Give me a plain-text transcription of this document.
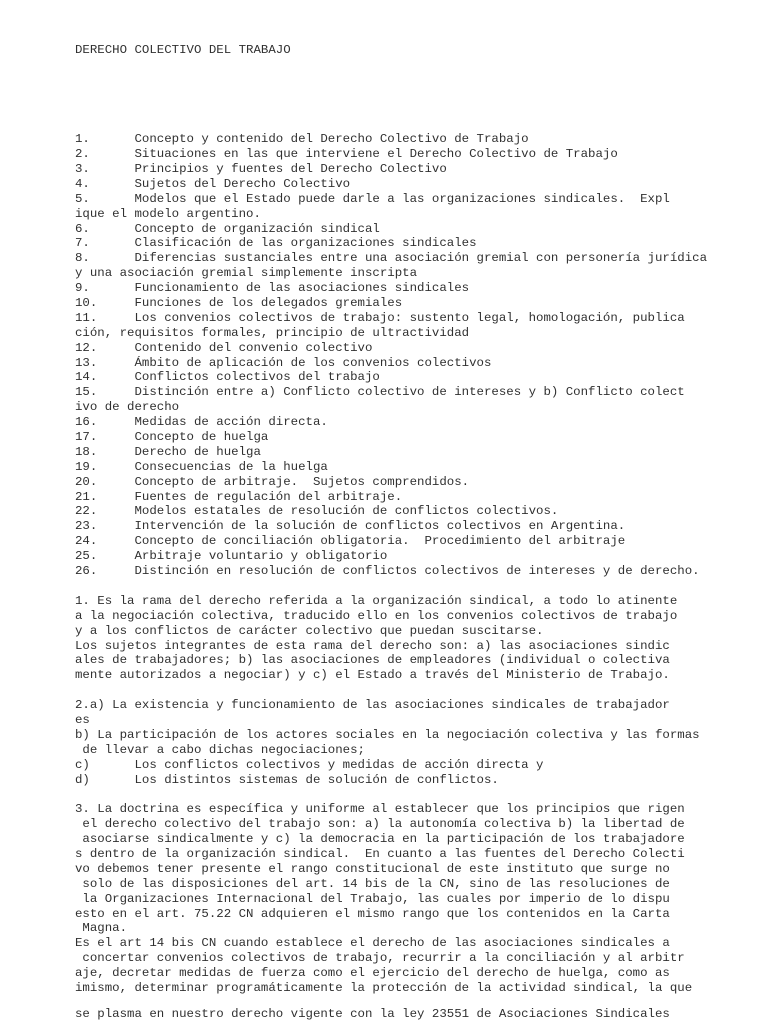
DERECHO COLECTIVO DEL TRABAJO

1.      Concepto y contenido del Derecho Colectivo de Trabajo
2.      Situaciones en las que interviene el Derecho Colectivo de Trabajo
3.      Principios y fuentes del Derecho Colectivo
4.      Sujetos del Derecho Colectivo
5.      Modelos que el Estado puede darle a las organizaciones sindicales.  Expl
ique el modelo argentino.
6.      Concepto de organización sindical
7.      Clasificación de las organizaciones sindicales
8.      Diferencias sustanciales entre una asociación gremial con personería jurídica
y una asociación gremial simplemente inscripta
9.      Funcionamiento de las asociaciones sindicales
10.     Funciones de los delegados gremiales
11.     Los convenios colectivos de trabajo: sustento legal, homologación, publica
ción, requisitos formales, principio de ultractividad
12.     Contenido del convenio colectivo
13.     Ámbito de aplicación de los convenios colectivos
14.     Conflictos colectivos del trabajo
15.     Distinción entre a) Conflicto colectivo de intereses y b) Conflicto colect
ivo de derecho
16.     Medidas de acción directa.
17.     Concepto de huelga
18.     Derecho de huelga
19.     Consecuencias de la huelga
20.     Concepto de arbitraje.  Sujetos comprendidos.
21.     Fuentes de regulación del arbitraje.
22.     Modelos estatales de resolución de conflictos colectivos.
23.     Intervención de la solución de conflictos colectivos en Argentina.
24.     Concepto de conciliación obligatoria.  Procedimiento del arbitraje
25.     Arbitraje voluntario y obligatorio
26.     Distinción en resolución de conflictos colectivos de intereses y de derecho.
1. Es la rama del derecho referida a la organización sindical, a todo lo atinente
a la negociación colectiva, traducido ello en los convenios colectivos de trabajo
y a los conflictos de carácter colectivo que puedan suscitarse.
Los sujetos integrantes de esta rama del derecho son: a) las asociaciones sindic
ales de trabajadores; b) las asociaciones de empleadores (individual o colectiva
mente autorizados a negociar) y c) el Estado a través del Ministerio de Trabajo.
2.a) La existencia y funcionamiento de las asociaciones sindicales de trabajador
es
b) La participación de los actores sociales en la negociación colectiva y las formas
de llevar a cabo dichas negociaciones;
c)      Los conflictos colectivos y medidas de acción directa y
d)      Los distintos sistemas de solución de conflictos.
3. La doctrina es específica y uniforme al establecer que los principios que rigen
el derecho colectivo del trabajo son: a) la autonomía colectiva b) la libertad de
asociarse sindicalmente y c) la democracia en la participación de los trabajadore
s dentro de la organización sindical.  En cuanto a las fuentes del Derecho Colecti
vo debemos tener presente el rango constitucional de este instituto que surge no
solo de las disposiciones del art. 14 bis de la CN, sino de las resoluciones de
la Organizaciones Internacional del Trabajo, las cuales por imperio de lo dispu
esto en el art. 75.22 CN adquieren el mismo rango que los contenidos en la Carta
Magna.
Es el art 14 bis CN cuando establece el derecho de las asociaciones sindicales a
concertar convenios colectivos de trabajo, recurrir a la conciliación y al arbitr
aje, decretar medidas de fuerza como el ejercicio del derecho de huelga, como as
imismo, determinar programáticamente la protección de la actividad sindical, la que

se plasma en nuestro derecho vigente con la ley 23551 de Asociaciones Sindicales
